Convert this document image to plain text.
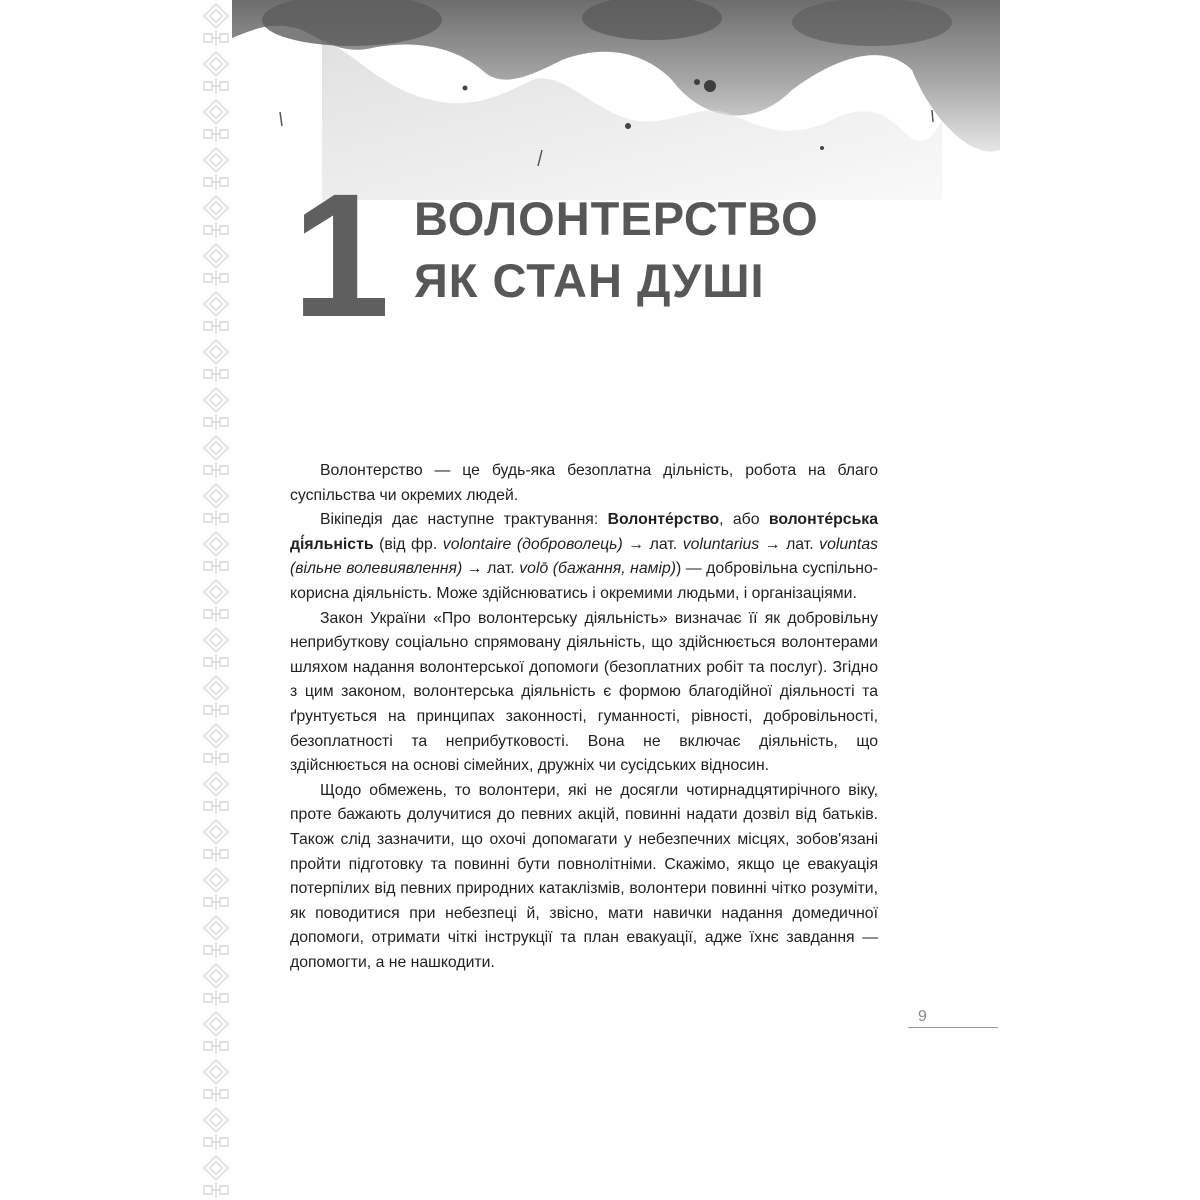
1 ВОЛОНТЕРСТВО
ЯК СТАН ДУШІ

Волонтерство — це будь-яка безоплатна дільність, робота на благо суспільства чи окремих людей.

Вікіпедія дає наступне трактування: Волонте́рство, або волонте́рська ді́яльність (від фр. volontaire (доброволець) → лат. voluntarius → лат. voluntas (вільне волевиявлення) → лат. volō (бажання, намір)) — добровільна суспільно-корисна діяльність. Може здійснюватись і окремими людьми, і організаціями.

Закон України «Про волонтерську діяльність» визначає її як добровільну неприбуткову соціально спрямовану діяльність, що здійснюється волонтерами шляхом надання волонтерської допомоги (безоплатних робіт та послуг). Згідно з цим законом, волонтерська діяльність є формою благодійної діяльності та ґрунтується на принципах законності, гуманності, рівності, добровільності, безоплатності та неприбутковості. Вона не включає діяльність, що здійснюється на основі сімейних, дружніх чи сусідських відносин.

Щодо обмежень, то волонтери, які не досягли чотирнадцятирічного віку, проте бажають долучитися до певних акцій, повинні надати дозвіл від батьків. Також слід зазначити, що охочі допомагати у небезпечних місцях, зобов'язані пройти підготовку та повинні бути повнолітніми. Скажімо, якщо це евакуація потерпілих від певних природних катаклізмів, волонтери повинні чітко розуміти, як поводитися при небезпеці й, звісно, мати навички надання домедичної допомоги, отримати чіткі інструкції та план евакуації, адже їхнє завдання — допомогти, а не нашкодити.

9
